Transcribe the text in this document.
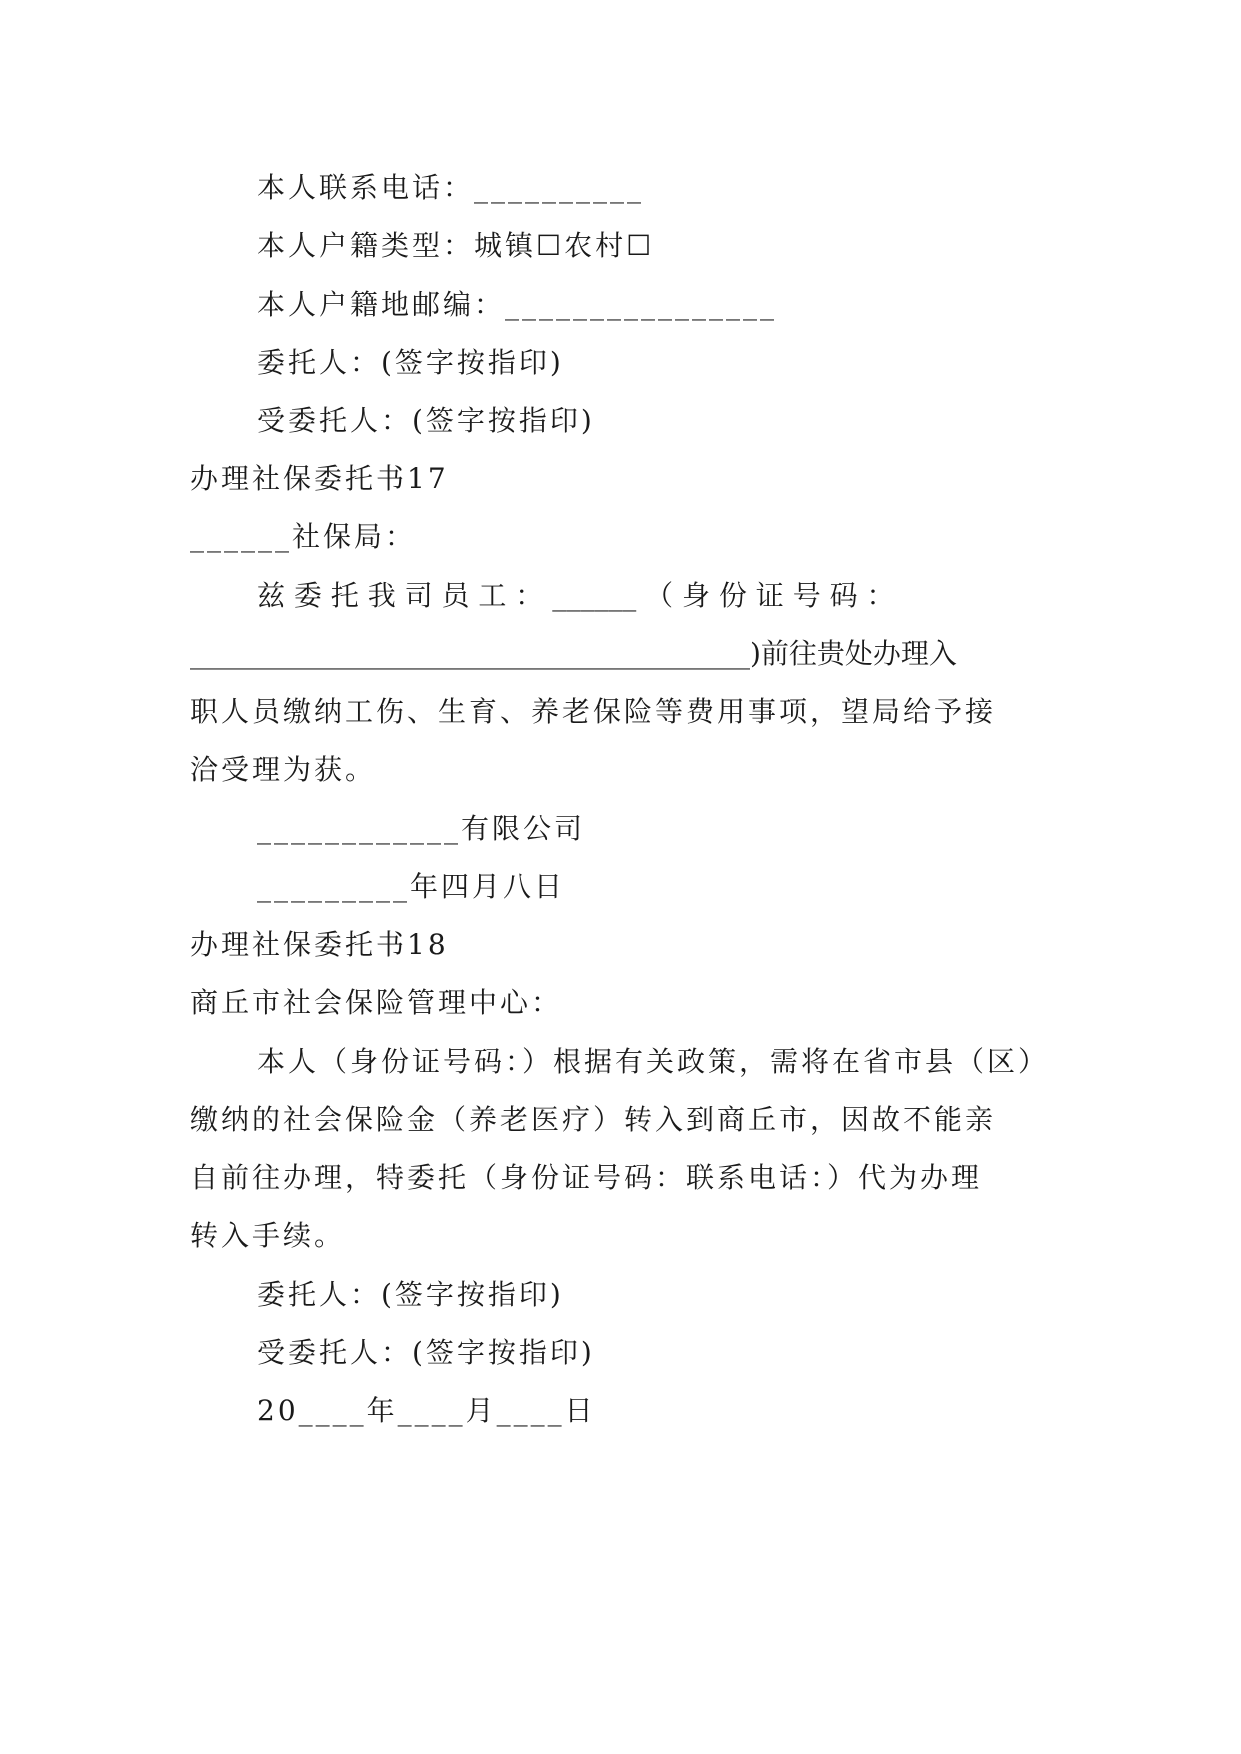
本人联系电话：__________
本人户籍类型：城镇☐农村☐
本人户籍地邮编：________________
委托人：(签字按指印)
受委托人：(签字按指印)
办理社保委托书17
______社保局：
兹 委 托 我 司 员 工 ： ______ （ 身 份 证 号 码 ：
________________________________________)前往贵处办理入
职人员缴纳工伤、生育、养老保险等费用事项，望局给予接
洽受理为获。
____________有限公司
_________年四月八日
办理社保委托书18
商丘市社会保险管理中心：
本人（身份证号码：）根据有关政策，需将在省市县（区）
缴纳的社会保险金（养老医疗）转入到商丘市，因故不能亲
自前往办理，特委托（身份证号码：联系电话：）代为办理
转入手续。
委托人：(签字按指印)
受委托人：(签字按指印)
20____年____月____日
